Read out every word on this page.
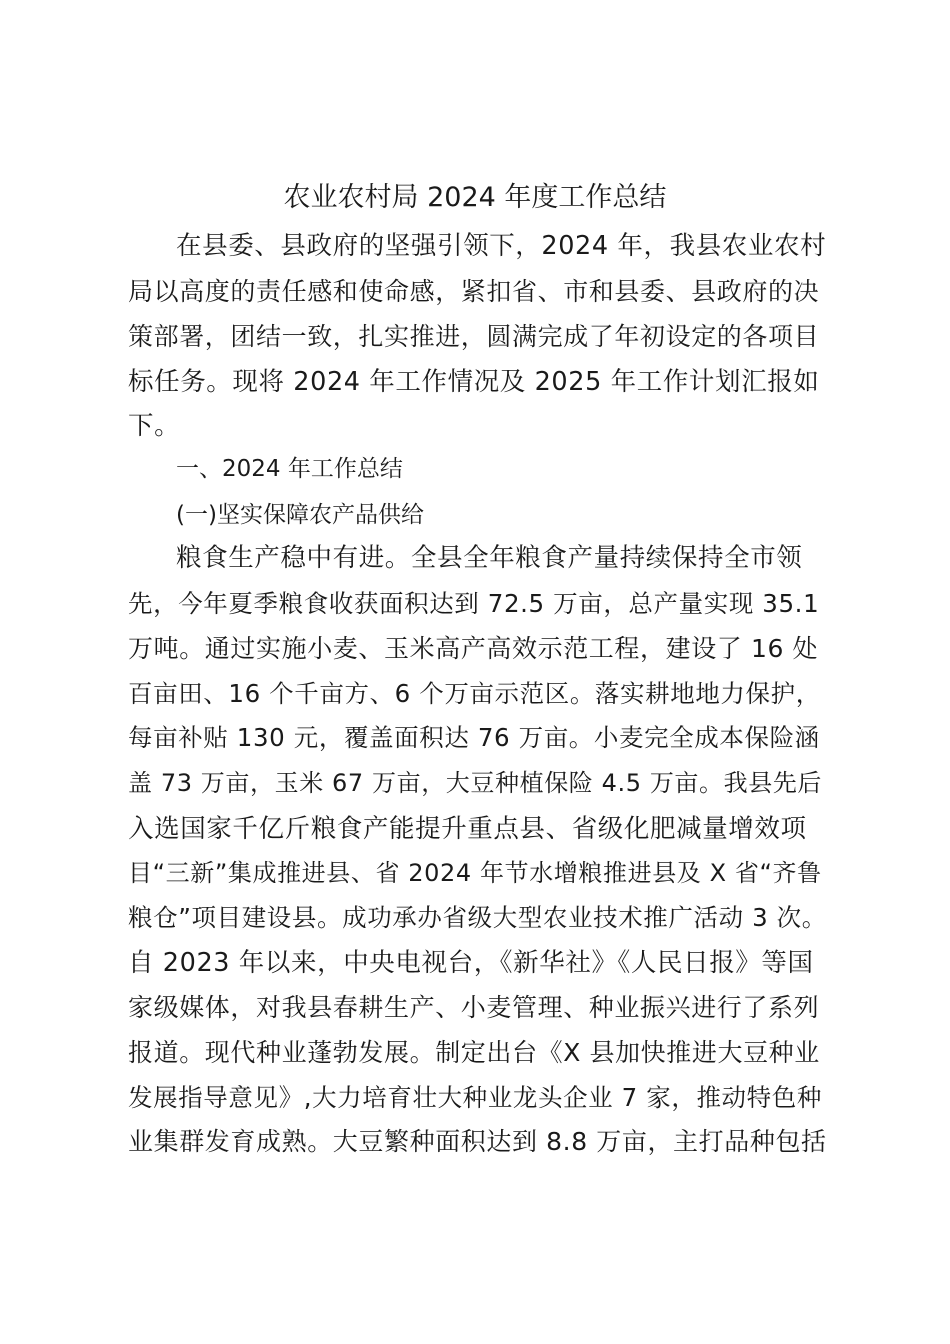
农业农村局 2024 年度工作总结
在县委、县政府的坚强引领下，2024 年，我县农业农村
局以高度的责任感和使命感，紧扣省、市和县委、县政府的决
策部署，团结一致，扎实推进，圆满完成了年初设定的各项目
标任务。现将 2024 年工作情况及 2025 年工作计划汇报如
下。
一、2024 年工作总结
(一)坚实保障农产品供给
粮食生产稳中有进。全县全年粮食产量持续保持全市领
先，今年夏季粮食收获面积达到 72.5 万亩，总产量实现 35.1
万吨。通过实施小麦、玉米高产高效示范工程，建设了 16 处
百亩田、16 个千亩方、6 个万亩示范区。落实耕地地力保护，
每亩补贴 130 元，覆盖面积达 76 万亩。小麦完全成本保险涵
盖 73 万亩，玉米 67 万亩，大豆种植保险 4.5 万亩。我县先后
入选国家千亿斤粮食产能提升重点县、省级化肥减量增效项
目“三新”集成推进县、省 2024 年节水增粮推进县及 X 省“齐鲁
粮仓”项目建设县。成功承办省级大型农业技术推广活动 3 次。
自 2023 年以来，中央电视台，《新华社》《人民日报》等国
家级媒体，对我县春耕生产、小麦管理、种业振兴进行了系列
报道。现代种业蓬勃发展。制定出台《X 县加快推进大豆种业
发展指导意见》,大力培育壮大种业龙头企业 7 家，推动特色种
业集群发育成熟。大豆繁种面积达到 8.8 万亩，主打品种包括
